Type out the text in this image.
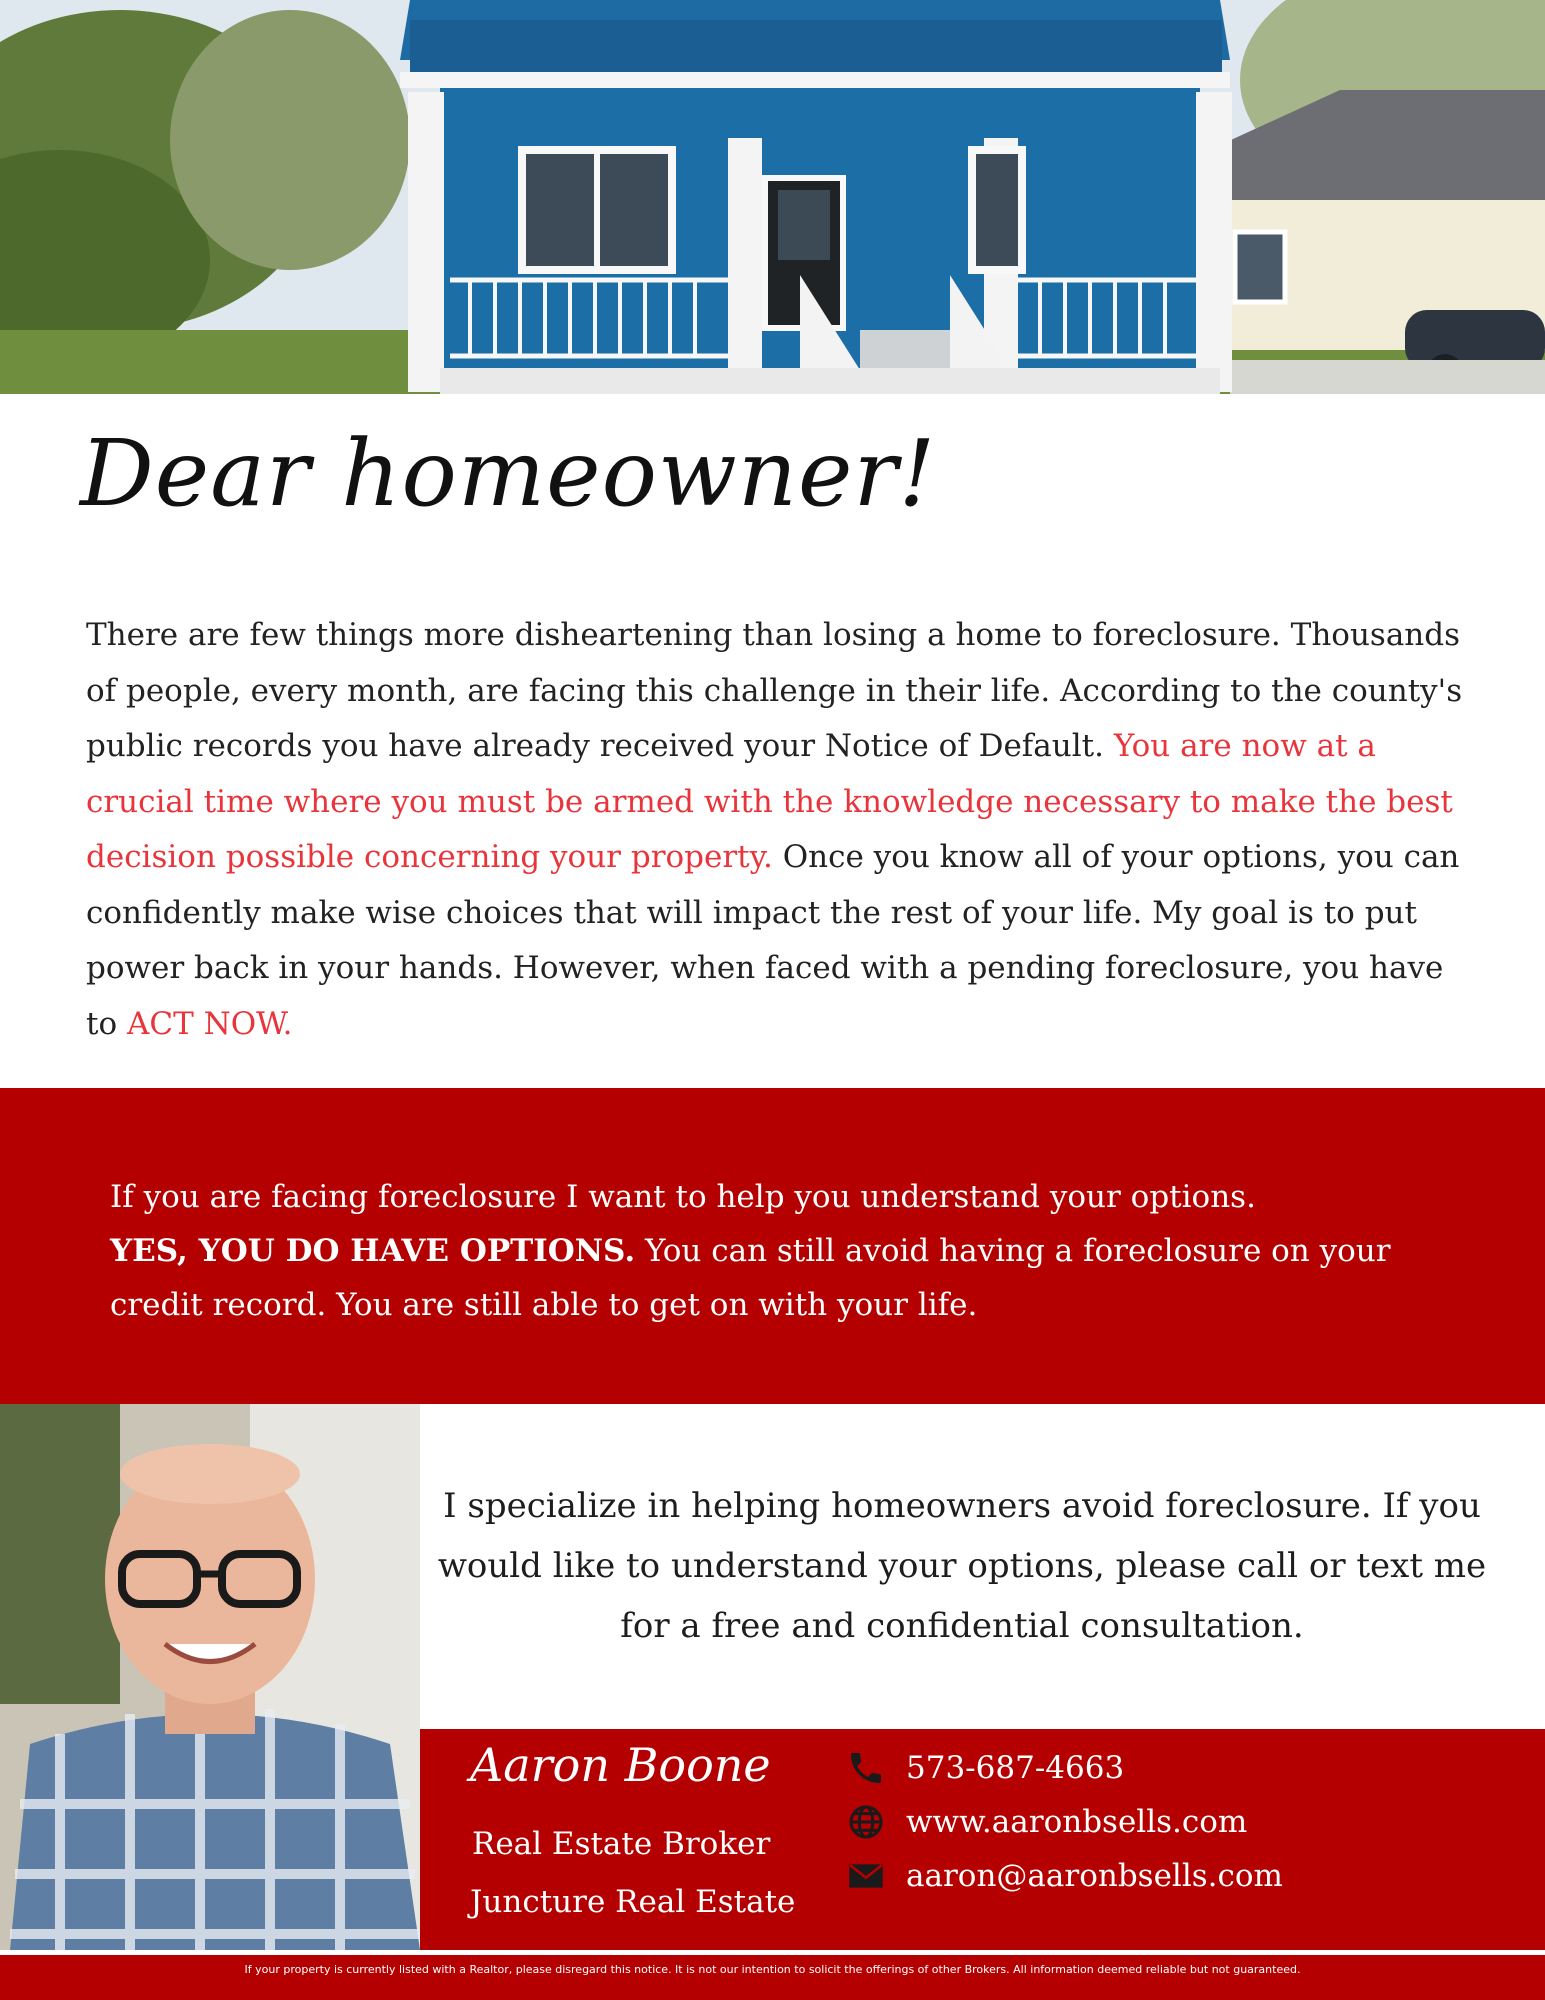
Dear homeowner!
There are few things more disheartening than losing a home to foreclosure. Thousands of people, every month, are facing this challenge in their life. According to the county's public records you have already received your Notice of Default. You are now at a crucial time where you must be armed with the knowledge necessary to make the best decision possible concerning your property. Once you know all of your options, you can confidently make wise choices that will impact the rest of your life. My goal is to put power back in your hands. However, when faced with a pending foreclosure, you have to ACT NOW.
If you are facing foreclosure I want to help you understand your options.
YES, YOU DO HAVE OPTIONS. You can still avoid having a foreclosure on your credit record. You are still able to get on with your life.
I specialize in helping homeowners avoid foreclosure. If you would like to understand your options, please call or text me for a free and confidential consultation.
Aaron Boone
Real Estate Broker
Juncture Real Estate
573-687-4663
www.aaronbsells.com
aaron@aaronbsells.com
If your property is currently listed with a Realtor, please disregard this notice. It is not our intention to solicit the offerings of other Brokers. All information deemed reliable but not guaranteed.
